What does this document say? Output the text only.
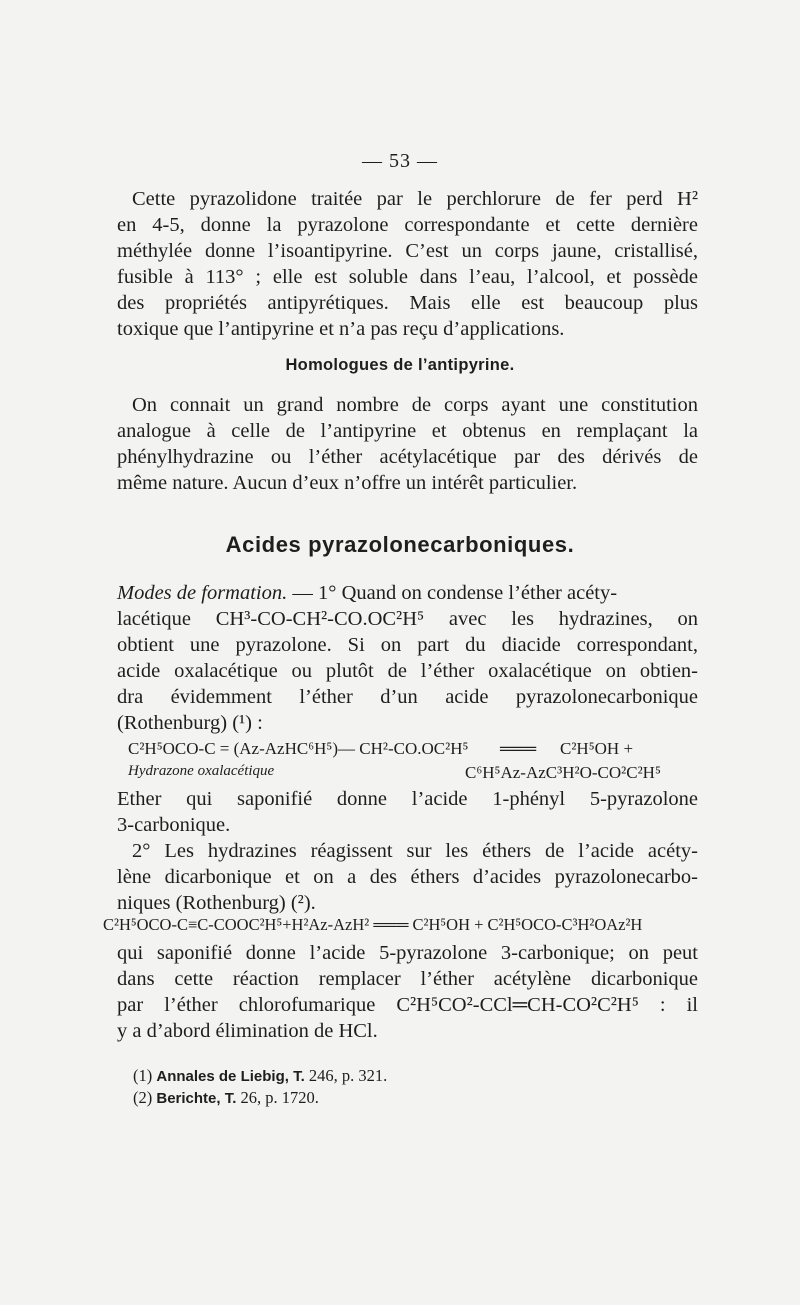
— 53 —
Cette pyrazolidone traitée par le perchlorure de fer perd H²
en 4-5, donne la pyrazolone correspondante et cette dernière
méthylée donne l’isoantipyrine. C’est un corps jaune, cristallisé,
fusible à 113° ; elle est soluble dans l’eau, l’alcool, et possède
des propriétés antipyrétiques. Mais elle est beaucoup plus
toxique que l’antipyrine et n’a pas reçu d’applications.
Homologues de l’antipyrine.
On connait un grand nombre de corps ayant une constitution
analogue à celle de l’antipyrine et obtenus en remplaçant la
phénylhydrazine ou l’éther acétylacétique par des dérivés de
même nature. Aucun d’eux n’offre un intérêt particulier.
Acides pyrazolonecarboniques.
Modes de formation. — 1° Quand on condense l’éther acéty-
lacétique CH³-CO-CH²-CO.OC²H⁵ avec les hydrazines, on
obtient une pyrazolone. Si on part du diacide correspondant,
acide oxalacétique ou plutôt de l’éther oxalacétique on obtien-
dra évidemment l’éther d’un acide pyrazolonecarbonique
(Rothenburg) (¹) :
C²H⁵OCO-C = (Az-AzHC⁶H⁵)— CH²-CO.OC²H⁵ ═══ C²H⁵OH +
Hydrazone oxalacétique	C⁶H⁵Az-AzC³H²O-CO²C²H⁵
Ether qui saponifié donne l’acide 1-phényl 5-pyrazolone
3-carbonique.
2° Les hydrazines réagissent sur les éthers de l’acide acéty-
lène dicarbonique et on a des éthers d’acides pyrazolonecarbo-
niques (Rothenburg) (²).
C²H⁵OCO-C≡C-COOC²H⁵+H²Az-AzH² ═══ C²H⁵OH + C²H⁵OCO-C³H²OAz²H
qui saponifié donne l’acide 5-pyrazolone 3-carbonique; on peut
dans cette réaction remplacer l’éther acétylène dicarbonique
par l’éther chlorofumarique C²H⁵CO²-CCl═CH-CO²C²H⁵ : il
y a d’abord élimination de HCl.
(1) Annales de Liebig, T. 246, p. 321.
(2) Berichte, T. 26, p. 1720.
